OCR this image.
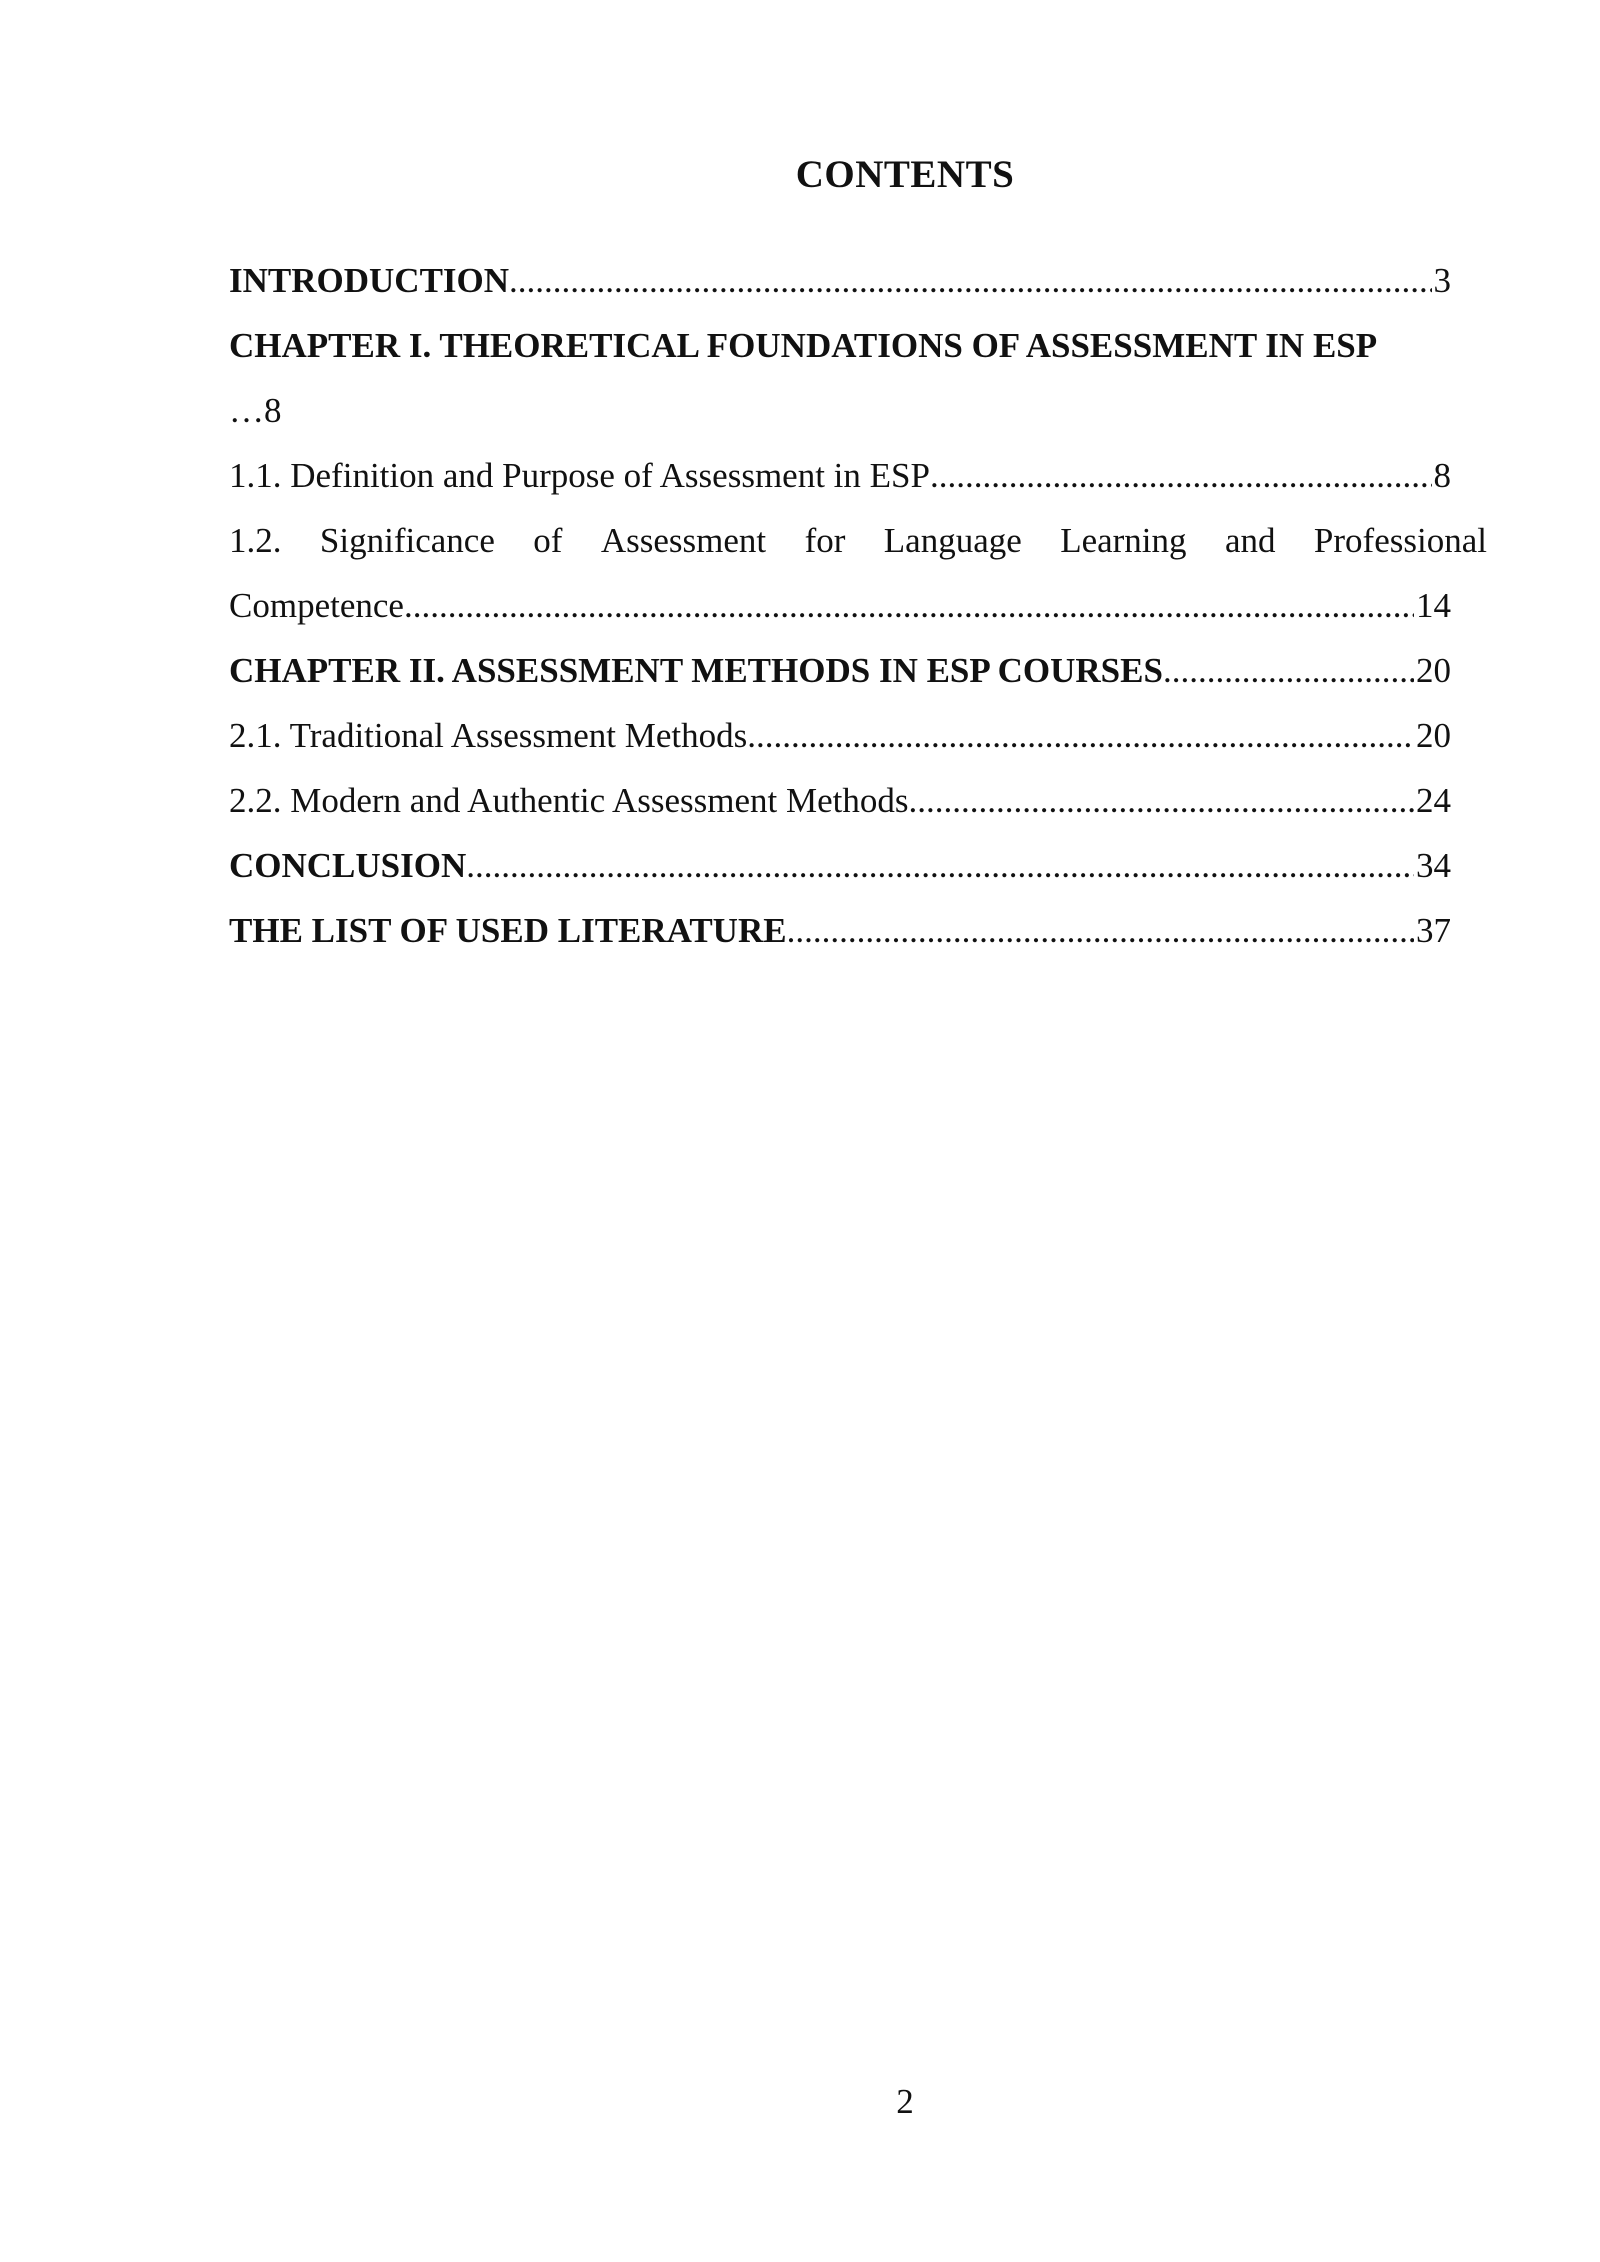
CONTENTS
INTRODUCTION .....	3
CHAPTER I. THEORETICAL FOUNDATIONS OF ASSESSMENT IN ESP
…8
1.1. Definition and Purpose of Assessment in ESP .....	8
1.2. Significance of Assessment for Language Learning and Professional
Competence .....	14
CHAPTER II. ASSESSMENT METHODS IN ESP COURSES .....	20
2.1. Traditional Assessment Methods .....	20
2.2. Modern and Authentic Assessment Methods .....	24
CONCLUSION .....	34
THE LIST OF USED LITERATURE .....	37
2
